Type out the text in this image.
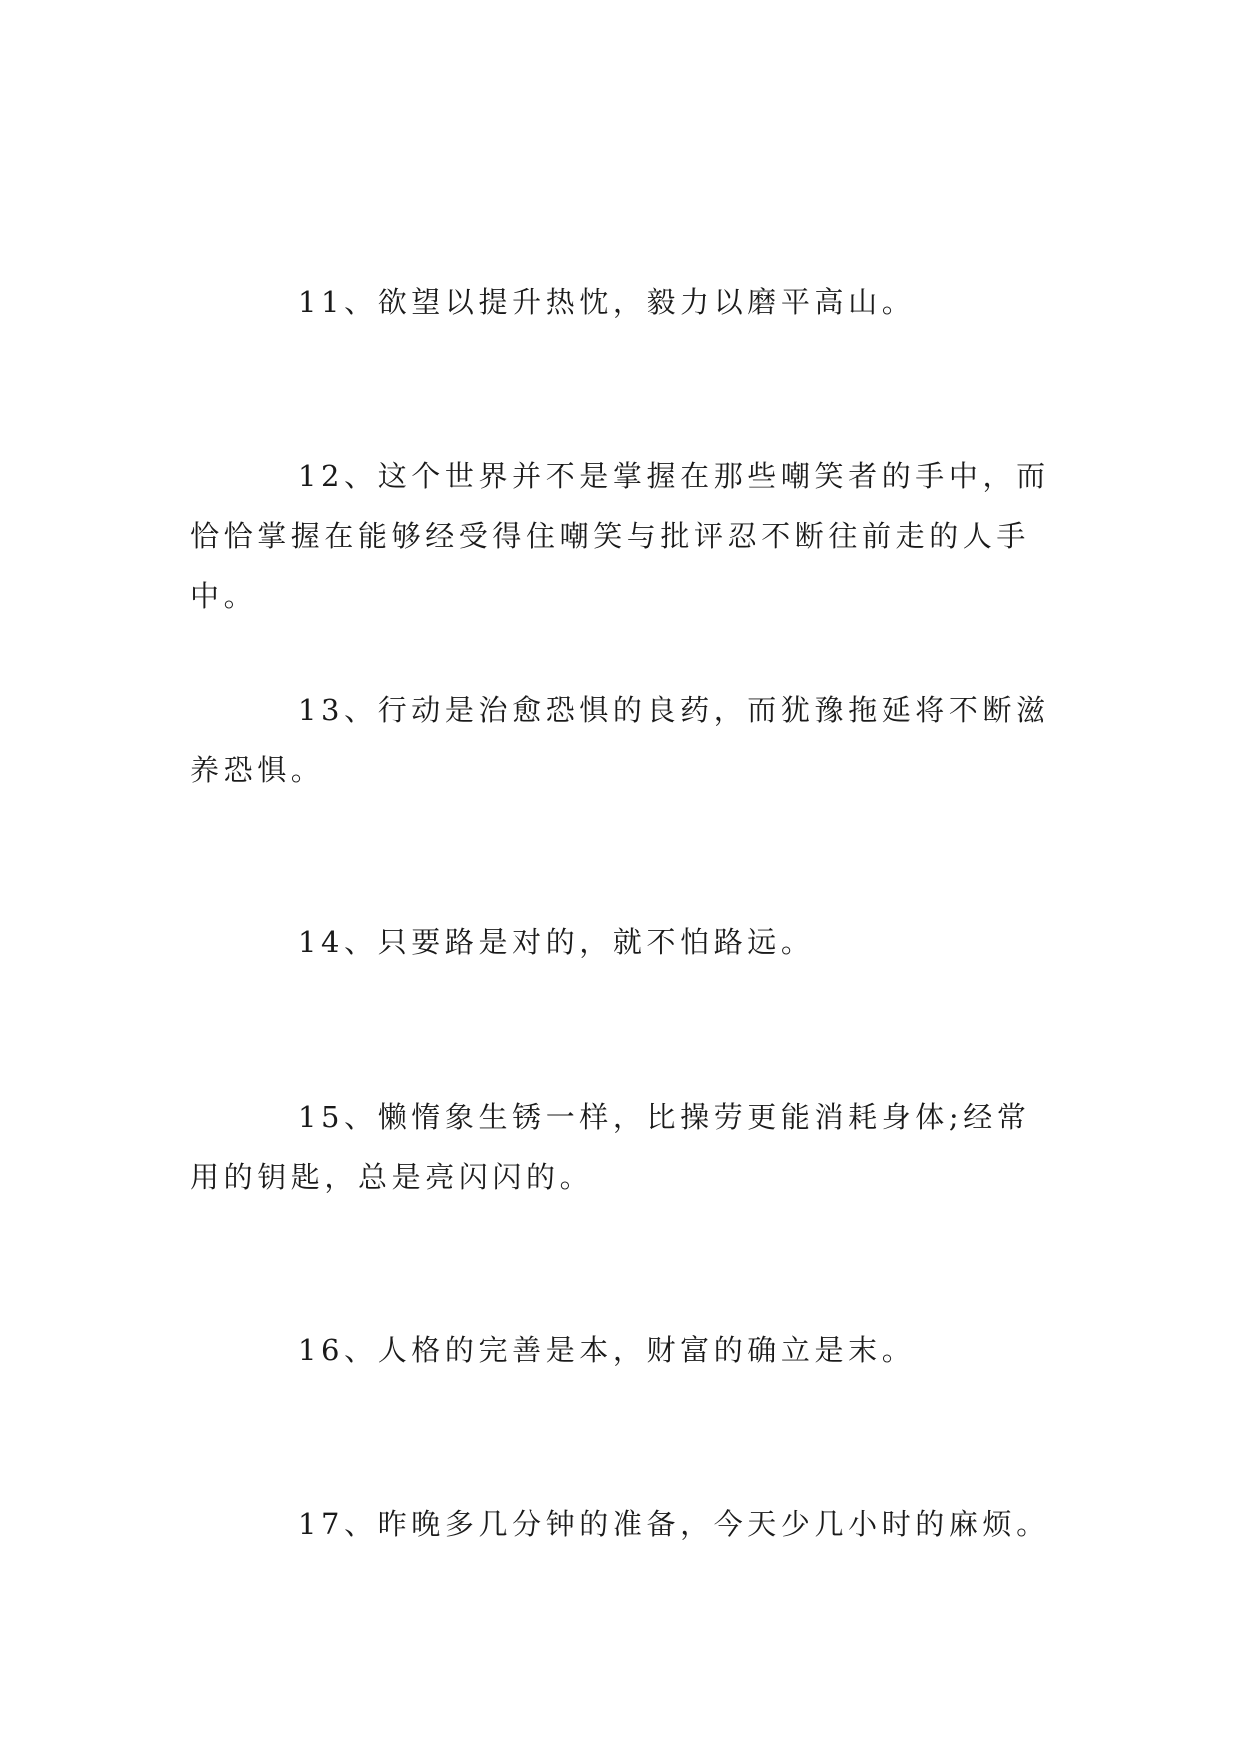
11、欲望以提升热忱，毅力以磨平高山。

12、这个世界并不是掌握在那些嘲笑者的手中，而恰恰掌握在能够经受得住嘲笑与批评忍不断往前走的人手中。

13、行动是治愈恐惧的良药，而犹豫拖延将不断滋养恐惧。

14、只要路是对的，就不怕路远。

15、懒惰象生锈一样，比操劳更能消耗身体;经常用的钥匙，总是亮闪闪的。

16、人格的完善是本，财富的确立是末。

17、昨晚多几分钟的准备，今天少几小时的麻烦。
